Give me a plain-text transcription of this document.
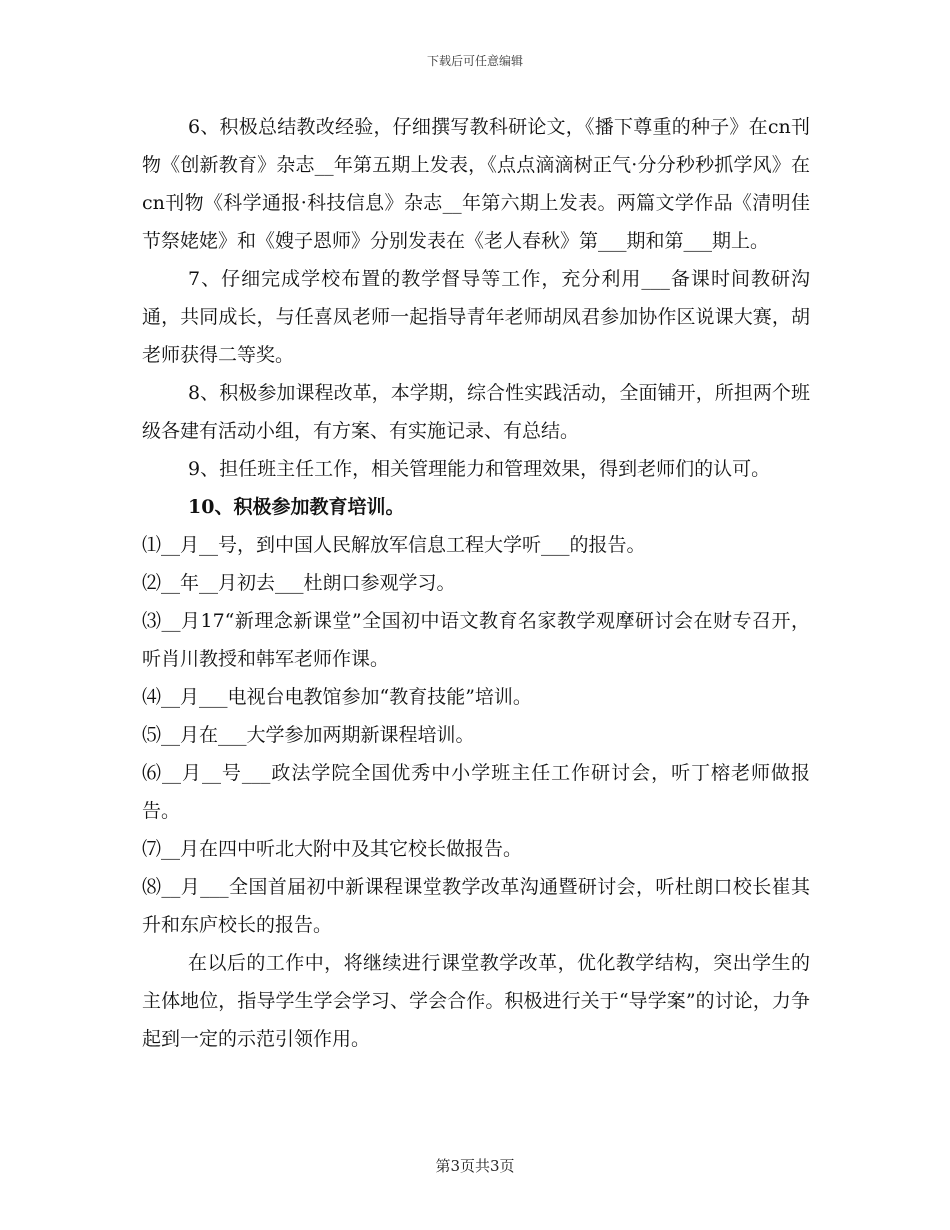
下载后可任意编辑

6、积极总结教改经验，仔细撰写教科研论文，《播下尊重的种子》在cn刊物《创新教育》杂志__年第五期上发表，《点点滴滴树正气·分分秒秒抓学风》在cn刊物《科学通报·科技信息》杂志__年第六期上发表。两篇文学作品《清明佳节祭姥姥》和《嫂子恩师》分别发表在《老人春秋》第___期和第___期上。

7、仔细完成学校布置的教学督导等工作，充分利用___备课时间教研沟通，共同成长，与任喜凤老师一起指导青年老师胡凤君参加协作区说课大赛，胡老师获得二等奖。

8、积极参加课程改革，本学期，综合性实践活动，全面铺开，所担两个班级各建有活动小组，有方案、有实施记录、有总结。

9、担任班主任工作，相关管理能力和管理效果，得到老师们的认可。

10、积极参加教育培训。

⑴__月__号，到中国人民解放军信息工程大学听___的报告。

⑵__年__月初去___杜朗口参观学习。

⑶__月17“新理念新课堂”全国初中语文教育名家教学观摩研讨会在财专召开，听肖川教授和韩军老师作课。

⑷__月___电视台电教馆参加“教育技能”培训。

⑸__月在___大学参加两期新课程培训。

⑹__月__号___政法学院全国优秀中小学班主任工作研讨会，听丁榕老师做报告。

⑺__月在四中听北大附中及其它校长做报告。

⑻__月___全国首届初中新课程课堂教学改革沟通暨研讨会，听杜朗口校长崔其升和东庐校长的报告。

在以后的工作中，将继续进行课堂教学改革，优化教学结构，突出学生的主体地位，指导学生学会学习、学会合作。积极进行关于“导学案”的讨论，力争起到一定的示范引领作用。

第3页共3页
